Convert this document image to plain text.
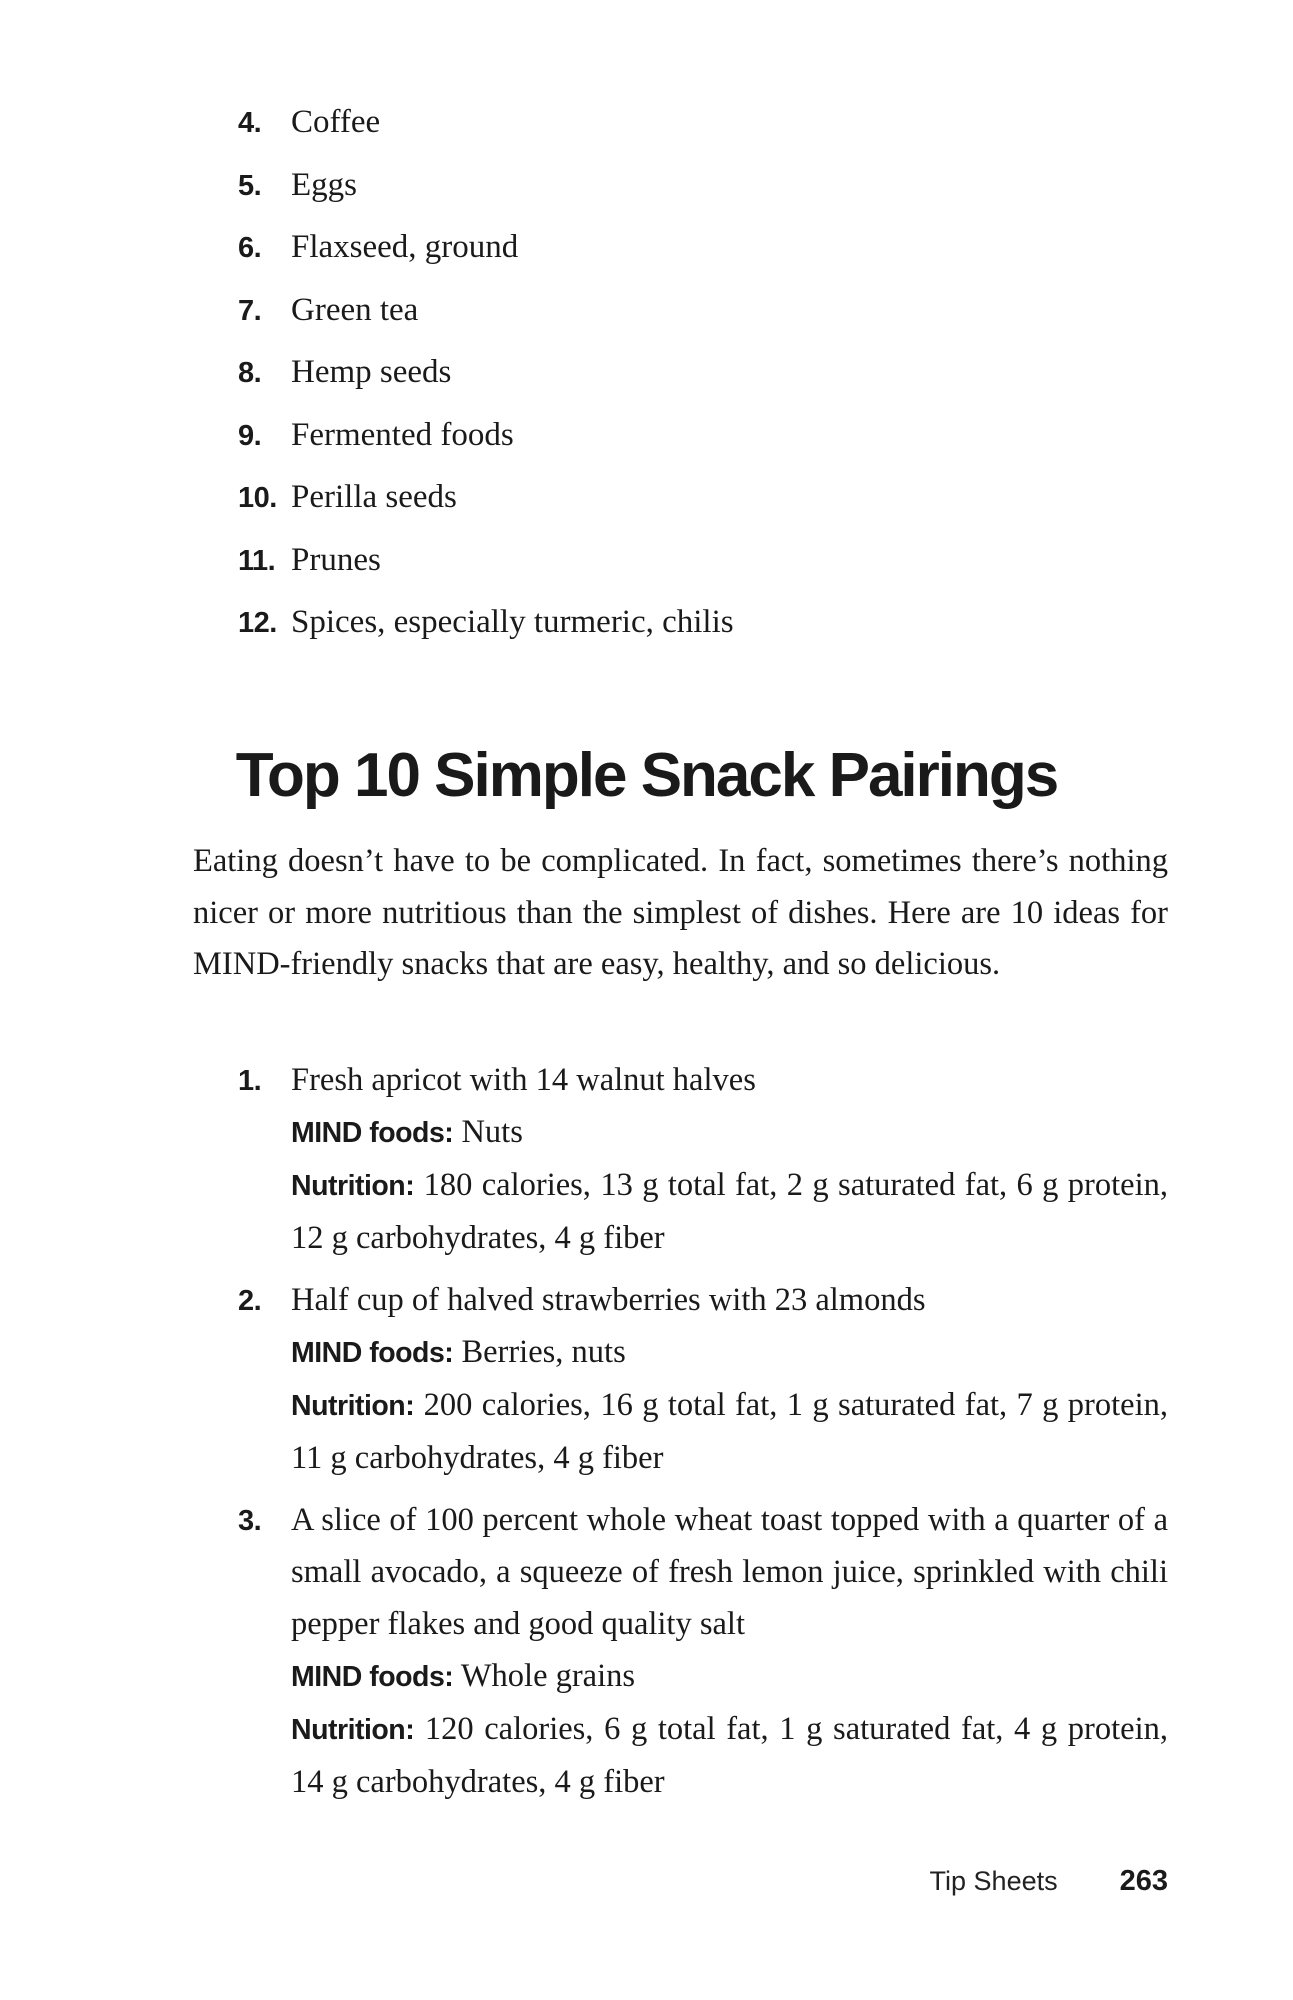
4. Coffee
5. Eggs
6. Flaxseed, ground
7. Green tea
8. Hemp seeds
9. Fermented foods
10. Perilla seeds
11. Prunes
12. Spices, especially turmeric, chilis
Top 10 Simple Snack Pairings

Eating doesn’t have to be complicated. In fact, sometimes there’s nothing nicer or more nutritious than the simplest of dishes. Here are 10 ideas for MIND-friendly snacks that are easy, healthy, and so delicious.

1. Fresh apricot with 14 walnut halves

MIND foods: Nuts

Nutrition: 180 calories, 13 g total fat, 2 g saturated fat, 6 g protein, 12 g carbohydrates, 4 g fiber

2. Half cup of halved strawberries with 23 almonds

MIND foods: Berries, nuts

Nutrition: 200 calories, 16 g total fat, 1 g saturated fat, 7 g protein, 11 g carbohydrates, 4 g fiber

3. A slice of 100 percent whole wheat toast topped with a quarter of a small avocado, a squeeze of fresh lemon juice, sprinkled with chili pepper flakes and good quality salt

MIND foods: Whole grains

Nutrition: 120 calories, 6 g total fat, 1 g saturated fat, 4 g protein, 14 g carbohydrates, 4 g fiber

Tip Sheets 263
